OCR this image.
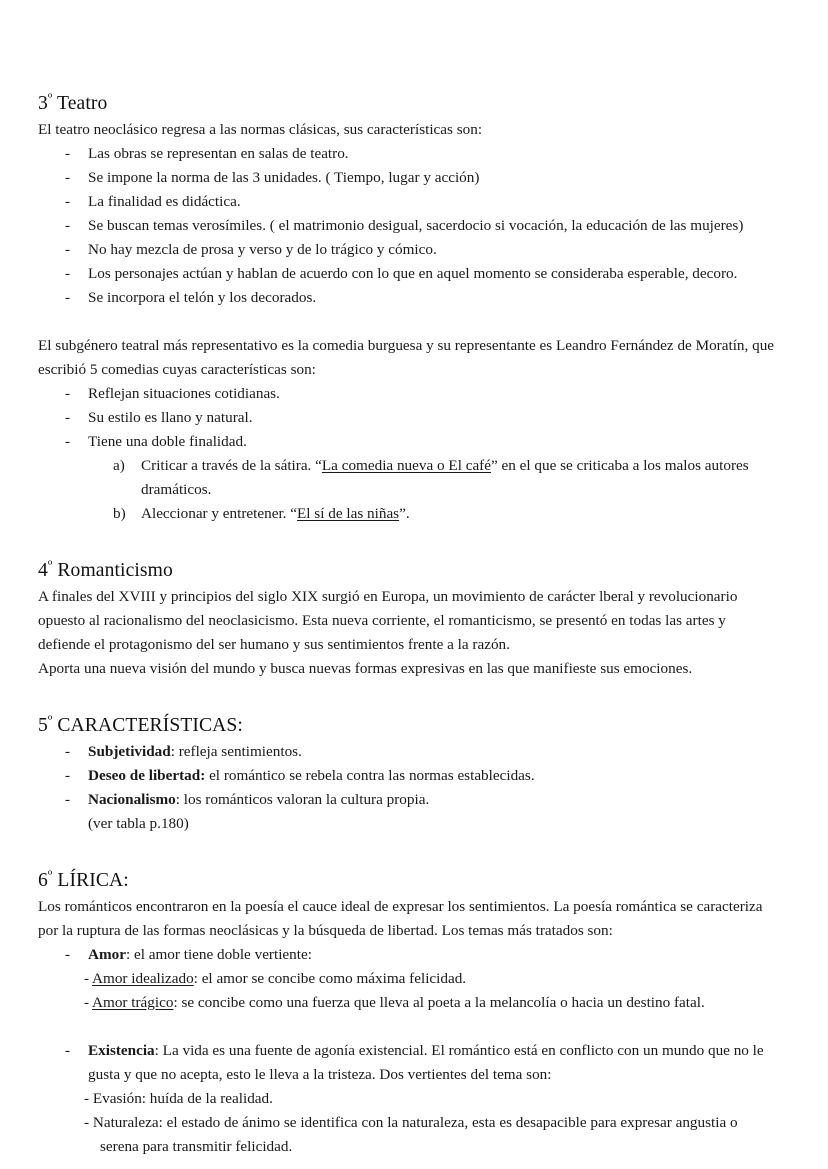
$3^º$ Teatro

El teatro neoclásico regresa a las normas clásicas, sus características son:

-	Las obras se representan en salas de teatro.
-	Se impone la norma de las 3 unidades. ( Tiempo, lugar y acción)
-	La finalidad es didáctica.
-	Se buscan temas verosímiles. ( el matrimonio desigual, sacerdocio si vocación, la educación de las mujeres)
-	No hay mezcla de prosa y verso y de lo trágico y cómico.
-	Los personajes actúan y hablan de acuerdo con lo que en aquel momento se consideraba esperable, decoro.
-	Se incorpora el telón y los decorados.

El subgénero teatral más representativo es la comedia burguesa y su representante es Leandro Fernández de Moratín, que escribió 5 comedias cuyas características son:

-	Reflejan situaciones cotidianas.
-	Su estilo es llano y natural.
-	Tiene una doble finalidad.
a)	Criticar a través de la sátira. “La comedia nueva o El café” en el que se criticaba a los malos autores
dramáticos.
b)	Aleccionar y entretener. “El sí de las niñas”.
$4^º$ Romanticismo

A finales del XVIII y principios del siglo XIX surgió en Europa, un movimiento de carácter lberal y revolucionario opuesto al racionalismo del neoclasicismo. Esta nueva corriente, el romanticismo, se presentó en todas las artes y defiende el protagonismo del ser humano y sus sentimientos frente a la razón.

Aporta una nueva visión del mundo y busca nuevas formas expresivas en las que manifieste sus emociones.

$5^º$ CARACTERÍSTICAS:
-	Subjetividad: refleja sentimientos.
-	Deseo de libertad: el romántico se rebela contra las normas establecidas.
-	Nacionalismo: los románticos valoran la cultura propia.
(ver tabla p.180)
$6^º$ LÍRICA:

Los románticos encontraron en la poesía el cauce ideal de expresar los sentimientos. La poesía romántica se caracteriza por la ruptura de las formas neoclásicas y la búsqueda de libertad. Los temas más tratados son:

-	Amor: el amor tiene doble vertiente:
- Amor idealizado: el amor se concibe como máxima felicidad.
- Amor trágico: se concibe como una fuerza que lleva al poeta a la melancolía o hacia un destino fatal.
-	Existencia: La vida es una fuente de agonía existencial. El romántico está en conflicto con un mundo que no le gusta y que no acepta, esto le lleva a la tristeza. Dos vertientes del tema son:
- Evasión: huída de la realidad.
- Naturaleza: el estado de ánimo se identifica con la naturaleza, esta es desapacible para expresar angustia o
serena para transmitir felicidad.
